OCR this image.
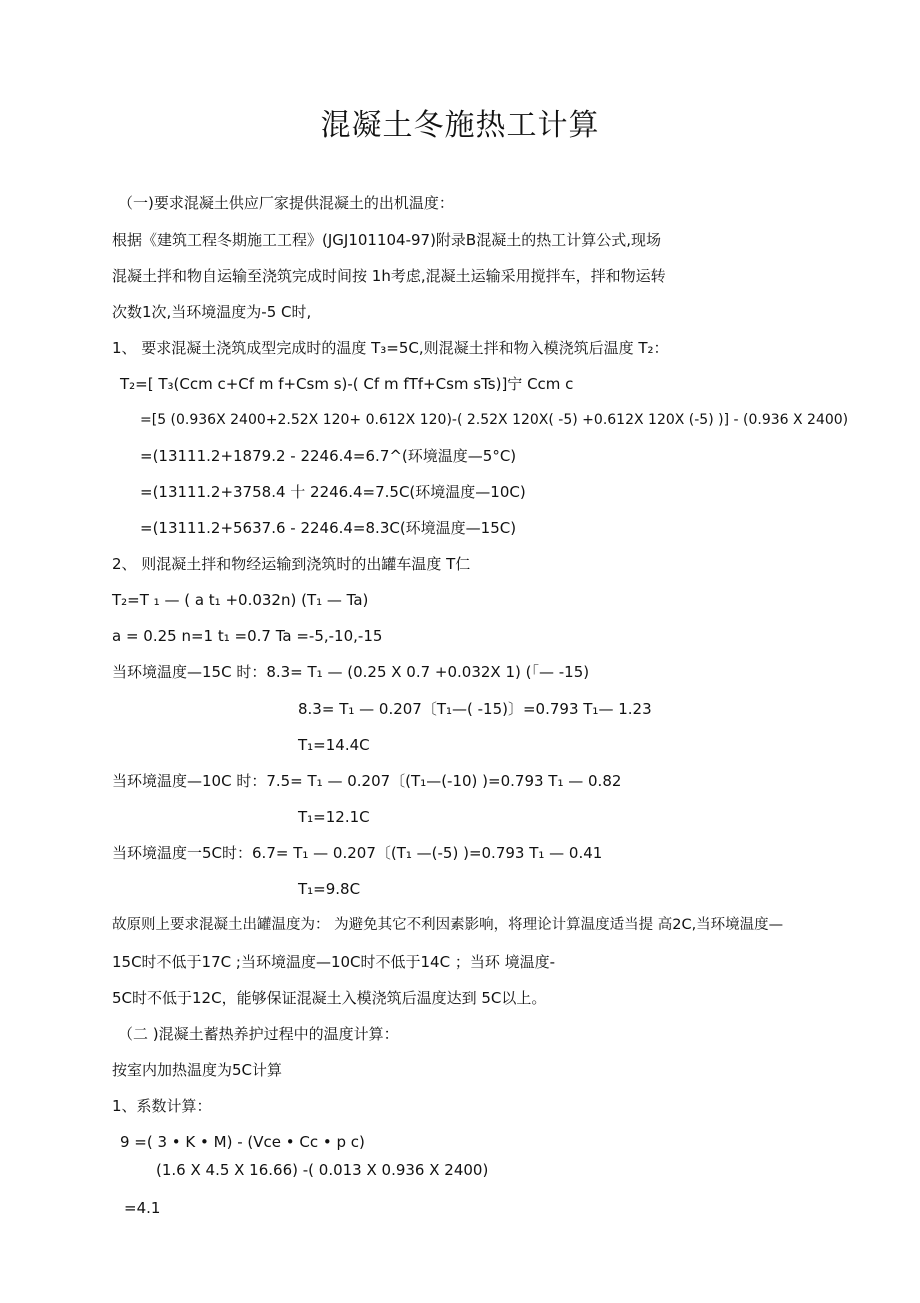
混凝土冬施热工计算
（一)要求混凝土供应厂家提供混凝土的出机温度：
根据《建筑工程冬期施工工程》(JGJ101104-97)附录B混凝土的热工计算公式,现场
混凝土拌和物自运输至浇筑完成时间按 1h考虑,混凝土运输采用搅拌车，拌和物运转
次数1次,当环境温度为-5 C时,
1、 要求混凝土浇筑成型完成时的温度 T₃=5C,则混凝土拌和物入模浇筑后温度 T₂：
T₂=[ T₃(Ccm c+Cf m f+Csm s)-( Cf m fTf+Csm sTs)]宁 Ccm c
=[5 (0.936X 2400+2.52X 120+ 0.612X 120)-( 2.52X 120X( -5) +0.612X 120X (-5) )] - (0.936 X 2400)
=(13111.2+1879.2 - 2246.4=6.7^(环境温度—5°C)
=(13111.2+3758.4 十 2246.4=7.5C(环境温度—10C)
=(13111.2+5637.6 - 2246.4=8.3C(环境温度—15C)
2、 则混凝土拌和物经运输到浇筑时的出罐车温度 T仁
T₂=T ₁ — ( a t₁ +0.032n) (T₁ — Ta)
a = 0.25 n=1 t₁ =0.7 Ta =-5,-10,-15
当环境温度—15C 时：8.3= T₁ — (0.25 X 0.7 +0.032X 1) (「— -15)
8.3= T₁ — 0.207〔T₁—( -15)〕=0.793 T₁— 1.23
T₁=14.4C
当环境温度—10C 时：7.5= T₁ — 0.207〔(T₁—(-10) )=0.793 T₁ — 0.82
T₁=12.1C
当环境温度一5C时：6.7= T₁ — 0.207〔(T₁ —(-5) )=0.793 T₁ — 0.41
T₁=9.8C
故原则上要求混凝土出罐温度为： 为避免其它不利因素影响，将理论计算温度适当提 高2C,当环境温度—
15C时不低于17C ;当环境温度—10C时不低于14C ；当环 境温度-
5C时不低于12C，能够保证混凝土入模浇筑后温度达到 5C以上。
（二 )混凝土蓄热养护过程中的温度计算：
按室内加热温度为5C计算
1、系数计算：
9 =( 3 • K • M) - (Vce • Cc • p c)
(1.6 X 4.5 X 16.66) -( 0.013 X 0.936 X 2400)
=4.1
